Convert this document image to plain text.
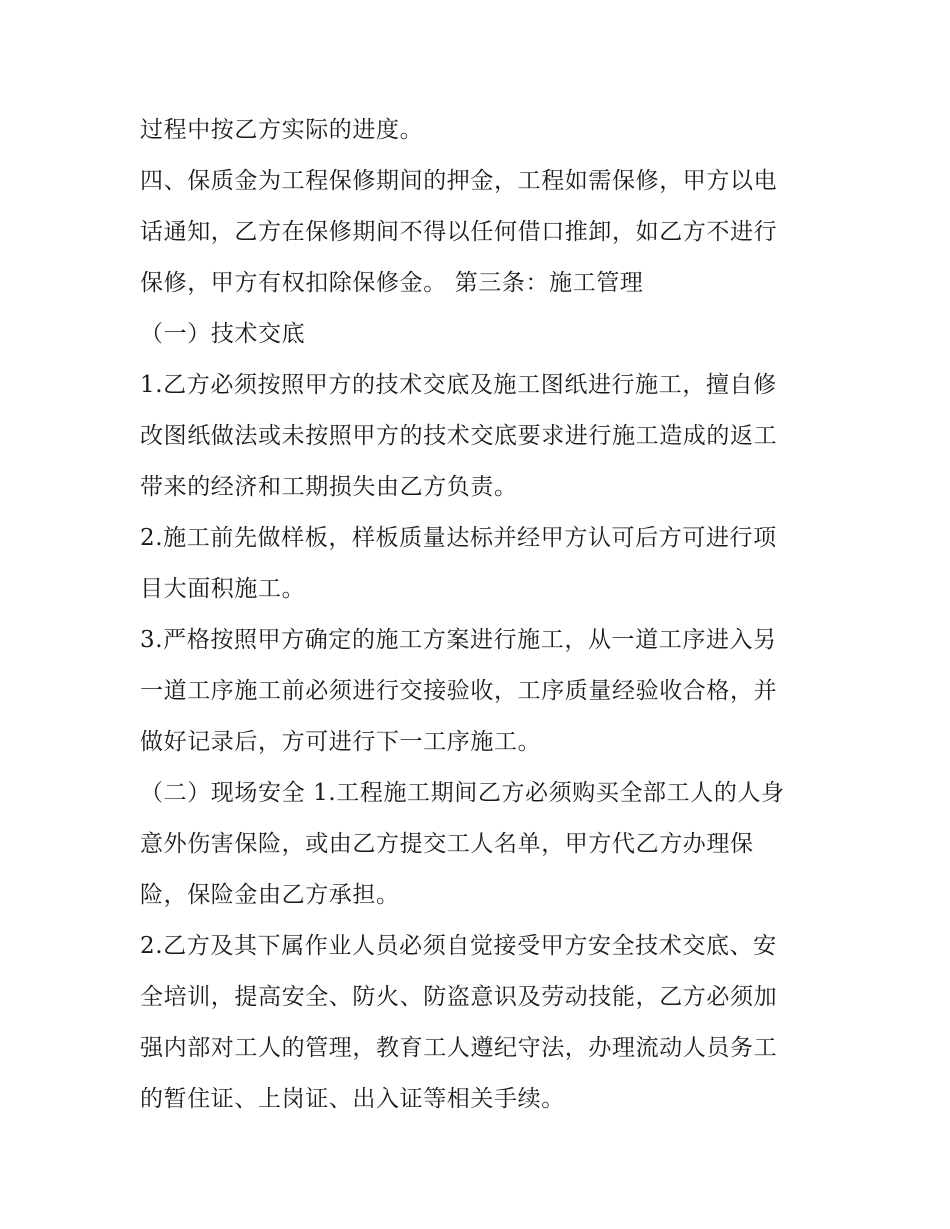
过程中按乙方实际的进度。
四、保质金为工程保修期间的押金，工程如需保修，甲方以电
话通知，乙方在保修期间不得以任何借口推卸，如乙方不进行
保修，甲方有权扣除保修金。 第三条：施工管理
（一）技术交底
1.乙方必须按照甲方的技术交底及施工图纸进行施工，擅自修
改图纸做法或未按照甲方的技术交底要求进行施工造成的返工
带来的经济和工期损失由乙方负责。
2.施工前先做样板，样板质量达标并经甲方认可后方可进行项
目大面积施工。
3.严格按照甲方确定的施工方案进行施工，从一道工序进入另
一道工序施工前必须进行交接验收，工序质量经验收合格，并
做好记录后，方可进行下一工序施工。
（二）现场安全 1.工程施工期间乙方必须购买全部工人的人身
意外伤害保险，或由乙方提交工人名单，甲方代乙方办理保
险，保险金由乙方承担。
2.乙方及其下属作业人员必须自觉接受甲方安全技术交底、安
全培训，提高安全、防火、防盗意识及劳动技能，乙方必须加
强内部对工人的管理，教育工人遵纪守法，办理流动人员务工
的暂住证、上岗证、出入证等相关手续。
